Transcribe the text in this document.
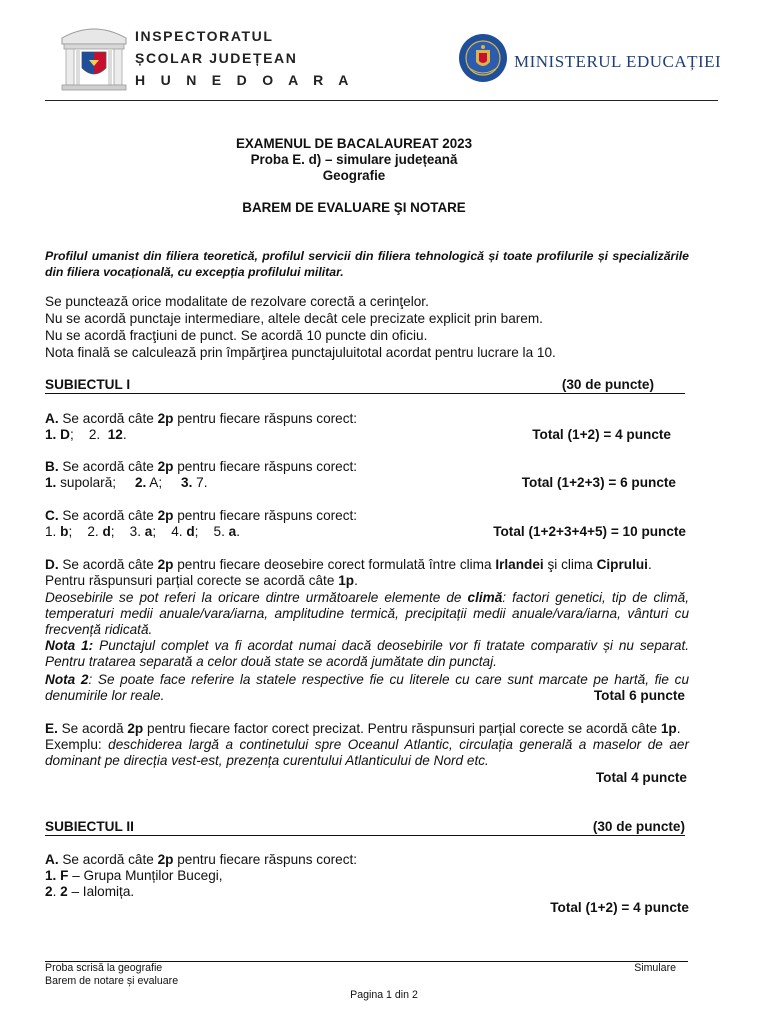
INSPECTORATUL
ȘCOLAR JUDEȚEAN
H U N E D O A R A
MINISTERUL EDUCAȚIEI
EXAMENUL DE BACALAUREAT 2023
Proba E. d) – simulare județeană
Geografie
BAREM DE EVALUARE ŞI NOTARE
Profilul umanist din filiera teoretică, profilul servicii din filiera tehnologică și toate profilurile și specializările din filiera vocațională, cu excepția profilului militar.
Se punctează orice modalitate de rezolvare corectă a cerinţelor.
Nu se acordă punctaje intermediare, altele decât cele precizate explicit prin barem.
Nu se acordă fracţiuni de punct. Se acordă 10 puncte din oficiu.
Nota finală se calculează prin împărţirea punctajuluitotal acordat pentru lucrare la 10.
SUBIECTUL I	(30 de puncte)
A. Se acordă câte 2p pentru fiecare răspuns corect:
1. D;    2.  12.	Total (1+2) = 4 puncte
B. Se acordă câte 2p pentru fiecare răspuns corect:
1. supolară;     2. A;     3. 7.	Total (1+2+3) = 6 puncte
C. Se acordă câte 2p pentru fiecare răspuns corect:
1. b;    2. d;    3. a;    4. d;    5. a.	Total (1+2+3+4+5) = 10 puncte
D. Se acordă câte 2p pentru fiecare deosebire corect formulată între clima Irlandei şi clima Ciprului.
Pentru răspunsuri parțial corecte se acordă câte 1p.
Deosebirile se pot referi la oricare dintre următoarele elemente de climă: factori genetici, tip de climă,
temperaturi medii anuale/vara/iarna, amplitudine termică, precipitații medii anuale/vara/iarna, vânturi cu
frecvență ridicată.
Nota 1: Punctajul complet va fi acordat numai dacă deosebirile vor fi tratate comparativ și nu separat.
Pentru tratarea separată a celor două state se acordă jumătate din punctaj.
Nota 2: Se poate face referire la statele respective fie cu literele cu care sunt marcate pe hartă, fie cu
denumirile lor reale.	Total 6 puncte
E. Se acordă 2p pentru fiecare factor corect precizat. Pentru răspunsuri parțial corecte se acordă câte 1p.
Exemplu: deschiderea largă a continetului spre Oceanul Atlantic, circulația generală a maselor de aer
dominant pe direcția vest-est, prezența curentului Atlanticului de Nord etc.
Total 4 puncte
SUBIECTUL II	(30 de puncte)
A. Se acordă câte 2p pentru fiecare răspuns corect:
1. F – Grupa Munților Bucegi,
2. 2 – Ialomița.
Total (1+2) = 4 puncte
Proba scrisă la geografie
Barem de notare și evaluare
Simulare
Pagina 1 din 2
